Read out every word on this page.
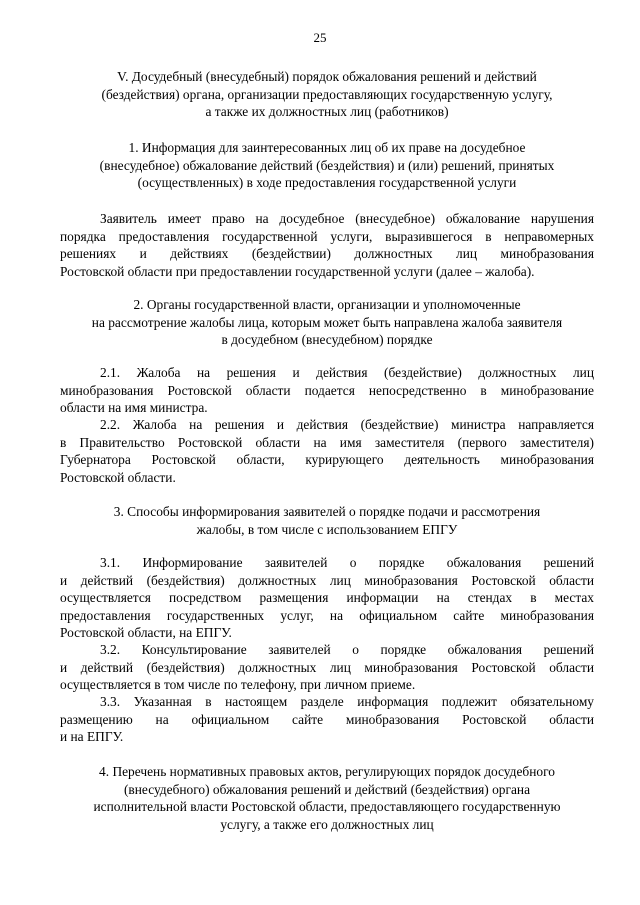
25
V. Досудебный (внесудебный) порядок обжалования решений и действий
(бездействия) органа, организации предоставляющих государственную услугу,
а также их должностных лиц (работников)
1. Информация для заинтересованных лиц об их праве на досудебное
(внесудебное) обжалование действий (бездействия) и (или) решений, принятых
(осуществленных) в ходе предоставления государственной услуги
Заявитель имеет право на досудебное (внесудебное) обжалование нарушения
порядка предоставления государственной услуги, выразившегося в неправомерных
решениях и действиях (бездействии) должностных лиц минобразования
Ростовской области при предоставлении государственной услуги (далее – жалоба).
2. Органы государственной власти, организации и уполномоченные
на рассмотрение жалобы лица, которым может быть направлена жалоба заявителя
в досудебном (внесудебном) порядке
2.1. Жалоба на решения и действия (бездействие) должностных лиц
минобразования Ростовской области подается непосредственно в минобразование
области на имя министра.
2.2. Жалоба на решения и действия (бездействие) министра направляется
в Правительство Ростовской области на имя заместителя (первого заместителя)
Губернатора Ростовской области, курирующего деятельность минобразования
Ростовской области.
3. Способы информирования заявителей о порядке подачи и рассмотрения
жалобы, в том числе с использованием ЕПГУ
3.1. Информирование заявителей о порядке обжалования решений
и действий (бездействия) должностных лиц минобразования Ростовской области
осуществляется посредством размещения информации на стендах в местах
предоставления государственных услуг, на официальном сайте минобразования
Ростовской области, на ЕПГУ.
3.2. Консультирование заявителей о порядке обжалования решений
и действий (бездействия) должностных лиц минобразования Ростовской области
осуществляется в том числе по телефону, при личном приеме.
3.3. Указанная в настоящем разделе информация подлежит обязательному
размещению на официальном сайте минобразования Ростовской области
и на ЕПГУ.
4. Перечень нормативных правовых актов, регулирующих порядок досудебного
(внесудебного) обжалования решений и действий (бездействия) органа
исполнительной власти Ростовской области, предоставляющего государственную
услугу, а также его должностных лиц
